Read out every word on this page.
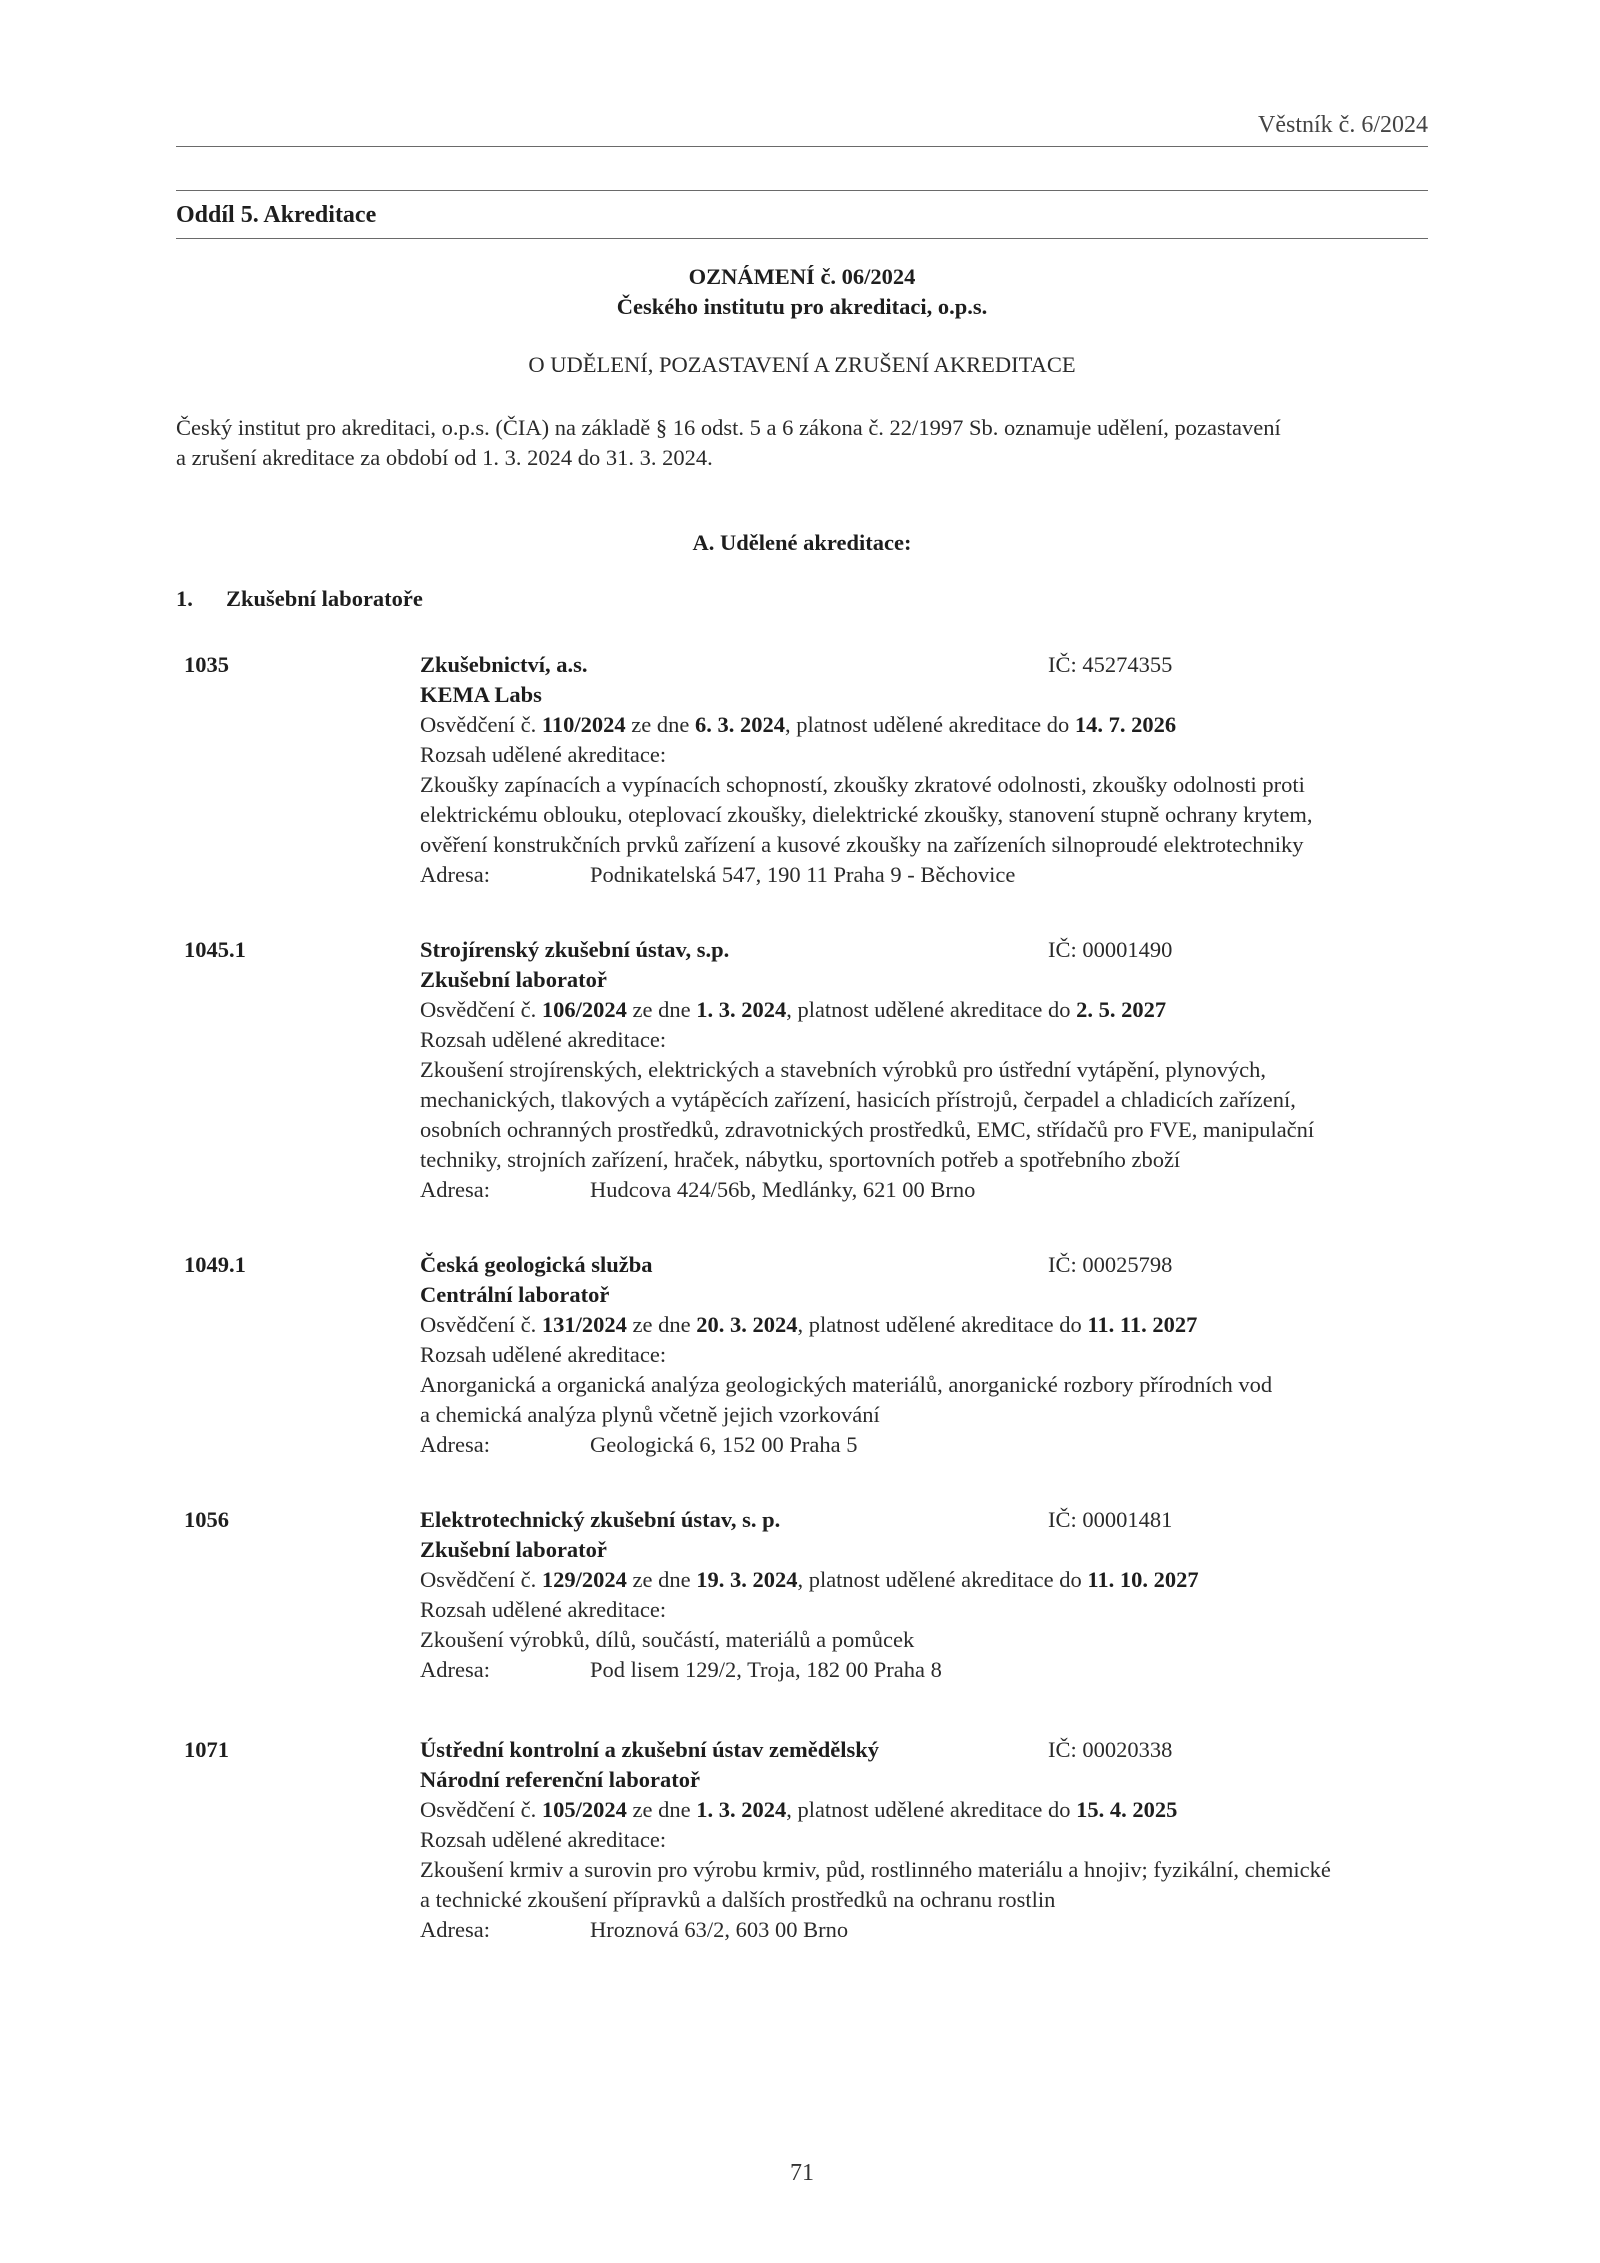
Věstník č. 6/2024
Oddíl 5. Akreditace
OZNÁMENÍ č. 06/2024
Českého institutu pro akreditaci, o.p.s.
O UDĚLENÍ, POZASTAVENÍ A ZRUŠENÍ AKREDITACE
Český institut pro akreditaci, o.p.s. (ČIA) na základě § 16 odst. 5 a 6 zákona č. 22/1997 Sb. oznamuje udělení, pozastavení
a zrušení akreditace za období od 1. 3. 2024 do 31. 3. 2024.
A. Udělené akreditace:
1. Zkušební laboratoře
1035	Zkušebnictví, a.s.	IČ: 45274355
KEMA Labs
Osvědčení č. 110/2024 ze dne 6. 3. 2024, platnost udělené akreditace do 14. 7. 2026
Rozsah udělené akreditace:
Zkoušky zapínacích a vypínacích schopností, zkoušky zkratové odolnosti, zkoušky odolnosti proti
elektrickému oblouku, oteplovací zkoušky, dielektrické zkoušky, stanovení stupně ochrany krytem,
ověření konstrukčních prvků zařízení a kusové zkoušky na zařízeních silnoproudé elektrotechniky
Adresa:	Podnikatelská 547, 190 11 Praha 9 - Běchovice
1045.1	Strojírenský zkušební ústav, s.p.	IČ: 00001490
Zkušební laboratoř
Osvědčení č. 106/2024 ze dne 1. 3. 2024, platnost udělené akreditace do 2. 5. 2027
Rozsah udělené akreditace:
Zkoušení strojírenských, elektrických a stavebních výrobků pro ústřední vytápění, plynových,
mechanických, tlakových a vytápěcích zařízení, hasicích přístrojů, čerpadel a chladicích zařízení,
osobních ochranných prostředků, zdravotnických prostředků, EMC, střídačů pro FVE, manipulační
techniky, strojních zařízení, hraček, nábytku, sportovních potřeb a spotřebního zboží
Adresa:	Hudcova 424/56b, Medlánky, 621 00 Brno
1049.1	Česká geologická služba	IČ: 00025798
Centrální laboratoř
Osvědčení č. 131/2024 ze dne 20. 3. 2024, platnost udělené akreditace do 11. 11. 2027
Rozsah udělené akreditace:
Anorganická a organická analýza geologických materiálů, anorganické rozbory přírodních vod
a chemická analýza plynů včetně jejich vzorkování
Adresa:	Geologická 6, 152 00 Praha 5
1056	Elektrotechnický zkušební ústav, s. p.	IČ: 00001481
Zkušební laboratoř
Osvědčení č. 129/2024 ze dne 19. 3. 2024, platnost udělené akreditace do 11. 10. 2027
Rozsah udělené akreditace:
Zkoušení výrobků, dílů, součástí, materiálů a pomůcek
Adresa:	Pod lisem 129/2, Troja, 182 00 Praha 8
1071	Ústřední kontrolní a zkušební ústav zemědělský	IČ: 00020338
Národní referenční laboratoř
Osvědčení č. 105/2024 ze dne 1. 3. 2024, platnost udělené akreditace do 15. 4. 2025
Rozsah udělené akreditace:
Zkoušení krmiv a surovin pro výrobu krmiv, půd, rostlinného materiálu a hnojiv; fyzikální, chemické
a technické zkoušení přípravků a dalších prostředků na ochranu rostlin
Adresa:	Hroznová 63/2, 603 00 Brno
71
